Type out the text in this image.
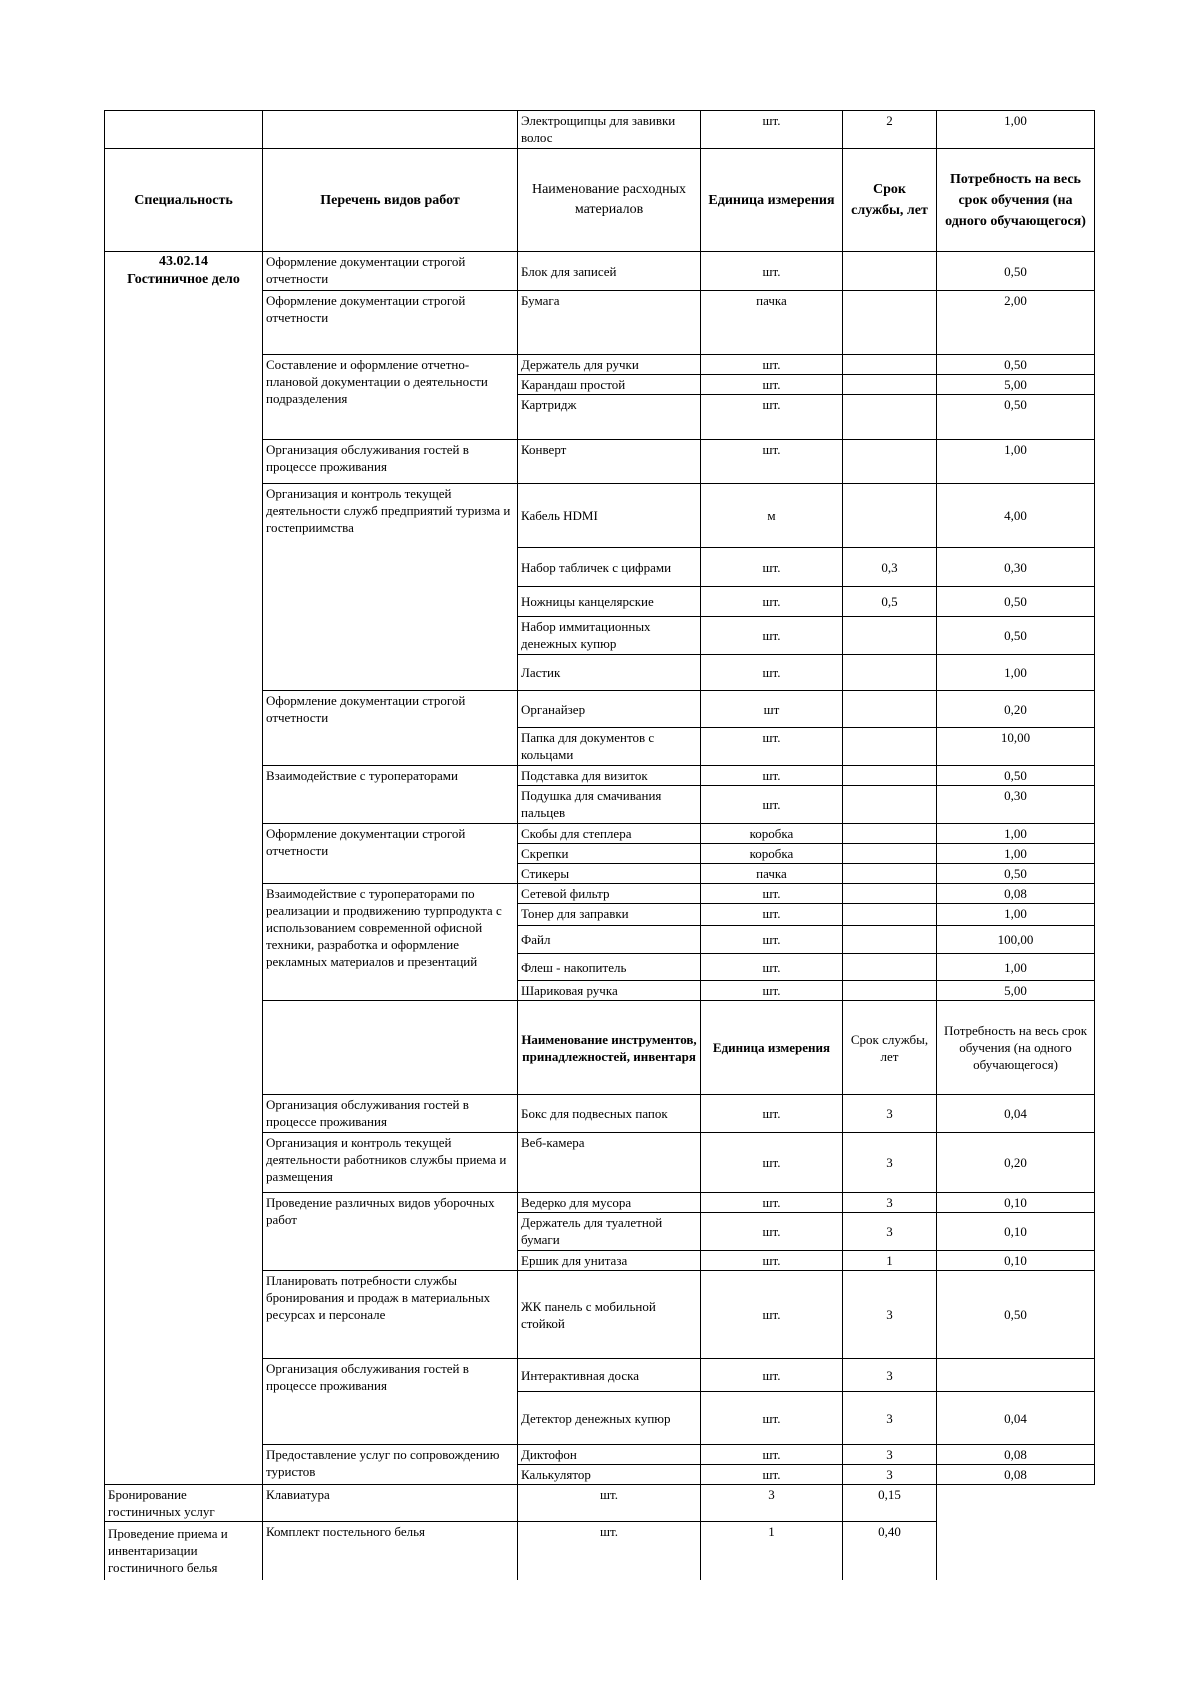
		Электрощипцы для завивки волос	шт.	2	1,00
Специальность	Перечень видов работ	Наименование расходных материалов	Единица измерения	Срок службы, лет	Потребность на весь срок обучения (на одного обучающегося)

43.02.14
Гостиничное дело	Оформление документации строгой отчетности	Блок для записей	шт.		0,50
	Оформление документации строгой отчетности	Бумага	пачка		2,00
	Составление и оформление отчетно-плановой документации о деятельности подразделения	Держатель для ручки	шт.		0,50
		Карандаш простой	шт.		5,00
		Картридж	шт.		0,50
	Организация обслуживания гостей в процессе проживания	Конверт	шт.		1,00
	Организация и контроль текущей деятельности служб предприятий туризма и гостеприимства	Кабель HDMI	м		4,00
		Набор табличек с цифрами	шт.	0,3	0,30
		Ножницы канцелярские	шт.	0,5	0,50
		Набор иммитационных денежных купюр	шт.		0,50
		Ластик	шт.		1,00
	Оформление документации строгой отчетности	Органайзер	шт		0,20
		Папка для документов с кольцами	шт.		10,00
	Взаимодействие с туроператорами	Подставка для визиток	шт.		0,50
		Подушка для смачивания пальцев	шт.		0,30
	Оформление документации строгой отчетности	Скобы для степлера	коробка		1,00
		Скрепки	коробка		1,00
		Стикеры	пачка		0,50
	Взаимодействие с туроператорами по реализации и продвижению турпродукта с использованием современной офисной техники, разработка и оформление рекламных материалов и презентаций	Сетевой фильтр	шт.		0,08
		Тонер для заправки	шт.		1,00
		Файл	шт.		100,00
		Флеш - накопитель	шт.		1,00
		Шариковая ручка	шт.		5,00
		Наименование инструментов, принадлежностей, инвентаря	Единица измерения	Срок службы, лет	Потребность на весь срок обучения (на одного обучающегося)
	Организация обслуживания гостей в процессе проживания	Бокс для подвесных папок	шт.	3	0,04
	Организация и контроль текущей деятельности работников службы приема и размещения	Веб-камера	шт.	3	0,20
	Проведение различных видов уборочных работ	Ведерко для мусора	шт.	3	0,10
		Держатель для туалетной бумаги	шт.	3	0,10
		Ершик для унитаза	шт.	1	0,10
	Планировать потребности службы бронирования и продаж в материальных ресурсах и персонале	ЖК панель с мобильной стойкой	шт.	3	0,50
	Организация обслуживания гостей в процессе проживания	Интерактивная доска	шт.	3	
		Детектор денежных купюр	шт.	3	0,04
	Предоставление услуг по сопровождению туристов	Диктофон	шт.	3	0,08
		Калькулятор	шт.	3	0,08
Бронирование гостиничных услуг	Клавиатура	шт.	3	0,15	
Проведение приема и инвентаризации гостиничного белья	Комплект постельного белья	шт.	1	0,40	
